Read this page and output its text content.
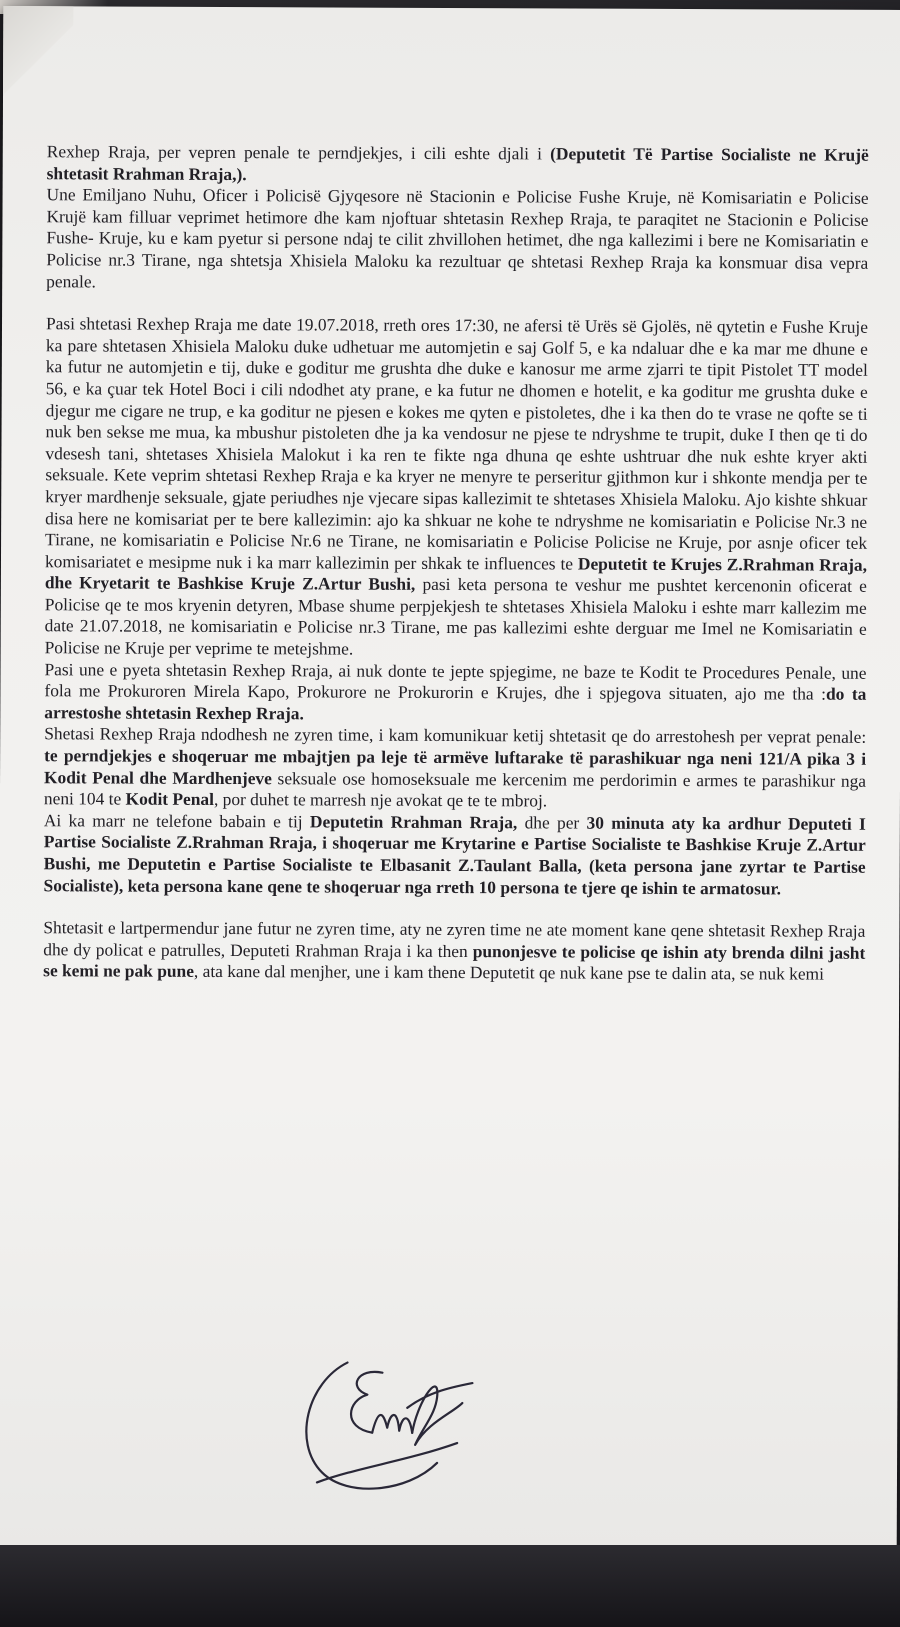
Rexhep Rraja, per vepren penale te perndjekjes, i cili eshte djali i (Deputetit Të Partise Socialiste ne Krujë shtetasit Rrahman Rraja,).

Une Emiljano Nuhu, Oficer i Policisë Gjyqesore në Stacionin e Policise Fushe Kruje, në Komisariatin e Policise Krujë kam filluar veprimet hetimore dhe kam njoftuar shtetasin Rexhep Rraja, te paraqitet ne Stacionin e Policise Fushe- Kruje, ku e kam pyetur si persone ndaj te cilit zhvillohen hetimet, dhe nga kallezimi i bere ne Komisariatin e Policise nr.3 Tirane, nga shtetsja Xhisiela Maloku ka rezultuar qe shtetasi Rexhep Rraja ka konsmuar disa vepra penale.

Pasi shtetasi Rexhep Rraja me date 19.07.2018, rreth ores 17:30, ne afersi të Urës së Gjolës, në qytetin e Fushe Kruje ka pare shtetasen Xhisiela Maloku duke udhetuar me automjetin e saj Golf 5, e ka ndaluar dhe e ka mar me dhune e ka futur ne automjetin e tij, duke e goditur me grushta dhe duke e kanosur me arme zjarri te tipit Pistolet TT model 56, e ka çuar tek Hotel Boci i cili ndodhet aty prane, e ka futur ne dhomen e hotelit, e ka goditur me grushta duke e djegur me cigare ne trup, e ka goditur ne pjesen e kokes me qyten e pistoletes, dhe i ka then do te vrase ne qofte se ti nuk ben sekse me mua, ka mbushur pistoleten dhe ja ka vendosur ne pjese te ndryshme te trupit, duke I then qe ti do vdesesh tani, shtetases Xhisiela Malokut i ka ren te fikte nga dhuna qe eshte ushtruar dhe nuk eshte kryer akti seksuale. Kete veprim shtetasi Rexhep Rraja e ka kryer ne menyre te perseritur gjithmon kur i shkonte mendja per te kryer mardhenje seksuale, gjate periudhes nje vjecare sipas kallezimit te shtetases Xhisiela Maloku. Ajo kishte shkuar disa here ne komisariat per te bere kallezimin: ajo ka shkuar ne kohe te ndryshme ne komisariatin e Policise Nr.3 ne Tirane, ne komisariatin e Policise Nr.6 ne Tirane, ne komisariatin e Policise Policise ne Kruje, por asnje oficer tek komisariatet e mesipme nuk i ka marr kallezimin per shkak te influences te Deputetit te Krujes Z.Rrahman Rraja, dhe Kryetarit te Bashkise Kruje Z.Artur Bushi, pasi keta persona te veshur me pushtet kercenonin oficerat e Policise qe te mos kryenin detyren, Mbase shume perpjekjesh te shtetases Xhisiela Maloku i eshte marr kallezim me date 21.07.2018, ne komisariatin e Policise nr.3 Tirane, me pas kallezimi eshte derguar me Imel ne Komisariatin e Policise ne Kruje per veprime te metejshme.

Pasi une e pyeta shtetasin Rexhep Rraja, ai nuk donte te jepte spjegime, ne baze te Kodit te Procedures Penale, une fola me Prokuroren Mirela Kapo, Prokurore ne Prokurorin e Krujes, dhe i spjegova situaten, ajo me tha :do ta arrestoshe shtetasin Rexhep Rraja.

Shetasi Rexhep Rraja ndodhesh ne zyren time, i kam komunikuar ketij shtetasit qe do arrestohesh per veprat penale: te perndjekjes e shoqeruar me mbajtjen pa leje të armëve luftarake të parashikuar nga neni 121/A pika 3 i Kodit Penal dhe Mardhenjeve seksuale ose homoseksuale me kercenim me perdorimin e armes te parashikur nga neni 104 te Kodit Penal, por duhet te marresh nje avokat qe te te mbroj.

Ai ka marr ne telefone babain e tij Deputetin Rrahman Rraja, dhe per 30 minuta aty ka ardhur Deputeti I Partise Socialiste Z.Rrahman Rraja, i shoqeruar me Krytarine e Partise Socialiste te Bashkise Kruje Z.Artur Bushi, me Deputetin e Partise Socialiste te Elbasanit Z.Taulant Balla, (keta persona jane zyrtar te Partise Socialiste), keta persona kane qene te shoqeruar nga rreth 10 persona te tjere qe ishin te armatosur.

Shtetasit e lartpermendur jane futur ne zyren time, aty ne zyren time ne ate moment kane qene shtetasit Rexhep Rraja dhe dy policat e patrulles, Deputeti Rrahman Rraja i ka then punonjesve te policise qe ishin aty brenda dilni jasht se kemi ne pak pune, ata kane dal menjher, une i kam thene Deputetit qe nuk kane pse te dalin ata, se nuk kemi
